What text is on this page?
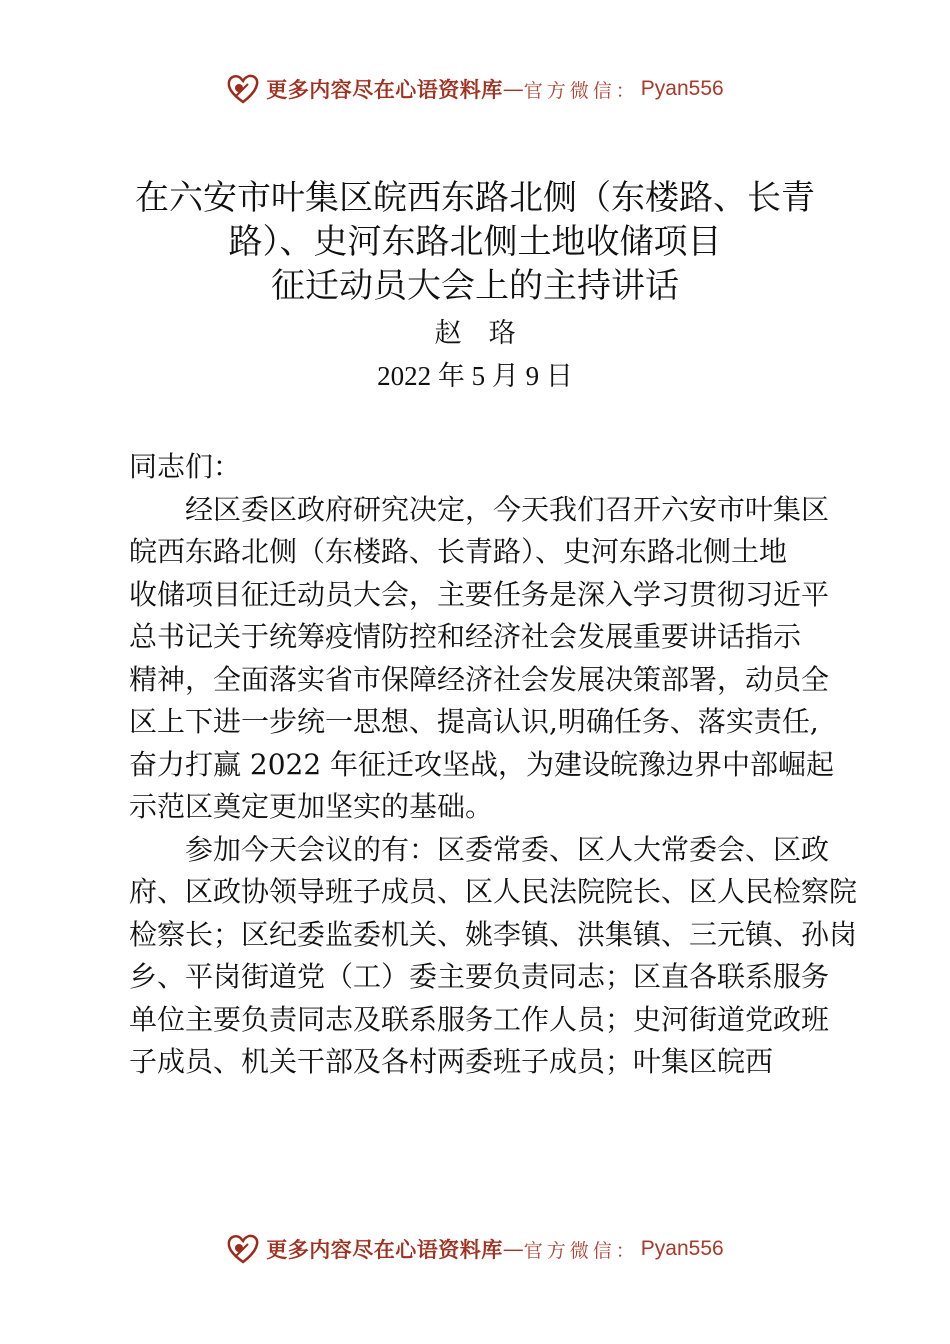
更多内容尽在心语资料库 — 官方微信： Pyan556
在六安市叶集区皖西东路北侧（东楼路、长青
路）、史河东路北侧土地收储项目
征迁动员大会上的主持讲话
赵　珞
2022 年 5 月 9 日
同志们：
经区委区政府研究决定，今天我们召开六安市叶集区
皖西东路北侧（东楼路、长青路）、史河东路北侧土地
收储项目征迁动员大会，主要任务是深入学习贯彻习近平
总书记关于统筹疫情防控和经济社会发展重要讲话指示
精神，全面落实省市保障经济社会发展决策部署，动员全
区上下进一步统一思想、提高认识,明确任务、落实责任,
奋力打赢 2022 年征迁攻坚战，为建设皖豫边界中部崛起
示范区奠定更加坚实的基础。
参加今天会议的有：区委常委、区人大常委会、区政
府、区政协领导班子成员、区人民法院院长、区人民检察院
检察长；区纪委监委机关、姚李镇、洪集镇、三元镇、孙岗
乡、平岗街道党（工）委主要负责同志；区直各联系服务
单位主要负责同志及联系服务工作人员；史河街道党政班
子成员、机关干部及各村两委班子成员；叶集区皖西
更多内容尽在心语资料库 — 官方微信： Pyan556
